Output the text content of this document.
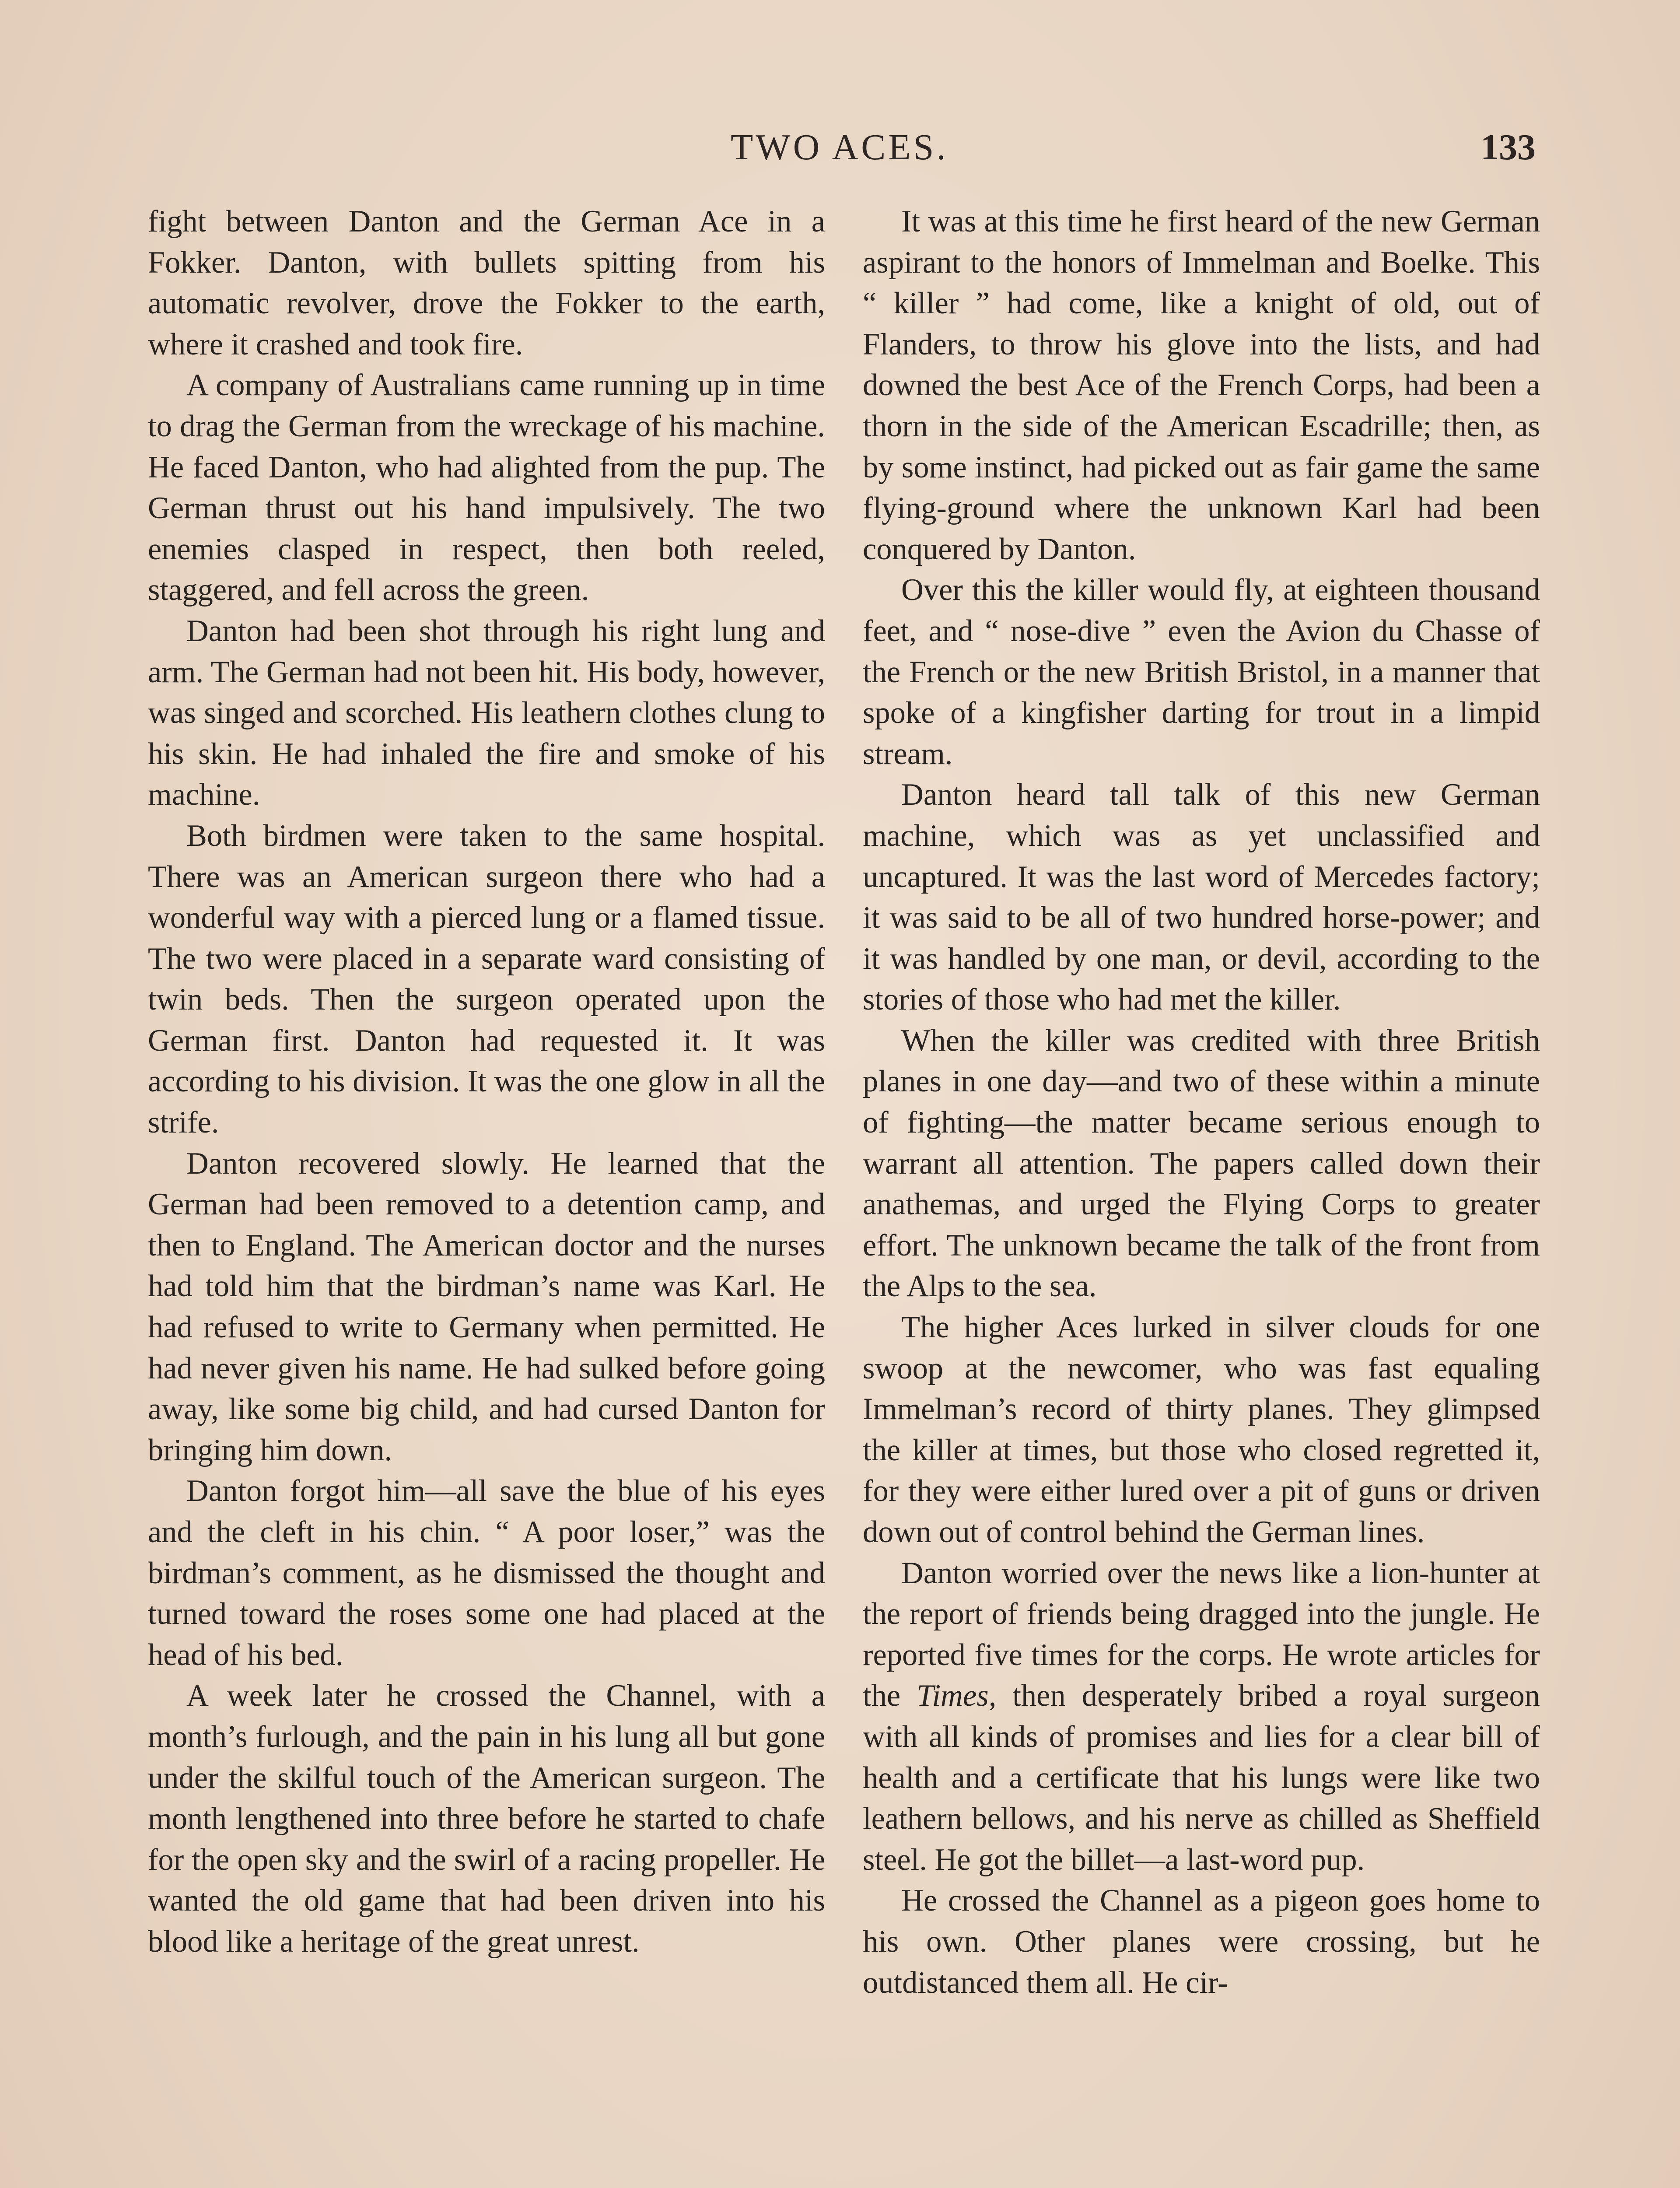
TWO ACES.	133

fight between Danton and the German Ace in a Fokker. Danton, with bullets spitting from his automatic revolver, drove the Fokker to the earth, where it crashed and took fire.

A company of Australians came running up in time to drag the German from the wreckage of his machine. He faced Danton, who had alighted from the pup. The German thrust out his hand impulsively. The two enemies clasped in respect, then both reeled, staggered, and fell across the green.

Danton had been shot through his right lung and arm. The German had not been hit. His body, however, was singed and scorched. His leathern clothes clung to his skin. He had inhaled the fire and smoke of his machine.

Both birdmen were taken to the same hospital. There was an American surgeon there who had a wonderful way with a pierced lung or a flamed tissue. The two were placed in a separate ward consisting of twin beds. Then the surgeon operated upon the German first. Danton had requested it. It was according to his division. It was the one glow in all the strife.

Danton recovered slowly. He learned that the German had been removed to a detention camp, and then to England. The American doctor and the nurses had told him that the birdman’s name was Karl. He had refused to write to Germany when permitted. He had never given his name. He had sulked before going away, like some big child, and had cursed Danton for bringing him down.

Danton forgot him—all save the blue of his eyes and the cleft in his chin. “ A poor loser,” was the birdman’s comment, as he dismissed the thought and turned toward the roses some one had placed at the head of his bed.

A week later he crossed the Channel, with a month’s furlough, and the pain in his lung all but gone under the skilful touch of the American surgeon. The month lengthened into three before he started to chafe for the open sky and the swirl of a racing propeller. He wanted the old game that had been driven into his blood like a heritage of the great unrest.

It was at this time he first heard of the new German aspirant to the honors of Immelman and Boelke. This “ killer ” had come, like a knight of old, out of Flanders, to throw his glove into the lists, and had downed the best Ace of the French Corps, had been a thorn in the side of the American Escadrille; then, as by some instinct, had picked out as fair game the same flying-ground where the unknown Karl had been conquered by Danton.

Over this the killer would fly, at eighteen thousand feet, and “ nose-dive ” even the Avion du Chasse of the French or the new British Bristol, in a manner that spoke of a kingfisher darting for trout in a limpid stream.

Danton heard tall talk of this new German machine, which was as yet unclassified and uncaptured. It was the last word of Mercedes factory; it was said to be all of two hundred horse-power; and it was handled by one man, or devil, according to the stories of those who had met the killer.

When the killer was credited with three British planes in one day—and two of these within a minute of fighting—the matter became serious enough to warrant all attention. The papers called down their anathemas, and urged the Flying Corps to greater effort. The unknown became the talk of the front from the Alps to the sea.

The higher Aces lurked in silver clouds for one swoop at the newcomer, who was fast equaling Immelman’s record of thirty planes. They glimpsed the killer at times, but those who closed regretted it, for they were either lured over a pit of guns or driven down out of control behind the German lines.

Danton worried over the news like a lion-hunter at the report of friends being dragged into the jungle. He reported five times for the corps. He wrote articles for the Times, then desperately bribed a royal surgeon with all kinds of promises and lies for a clear bill of health and a certificate that his lungs were like two leathern bellows, and his nerve as chilled as Sheffield steel. He got the billet—a last-word pup.

He crossed the Channel as a pigeon goes home to his own. Other planes were crossing, but he outdistanced them all. He cir-
